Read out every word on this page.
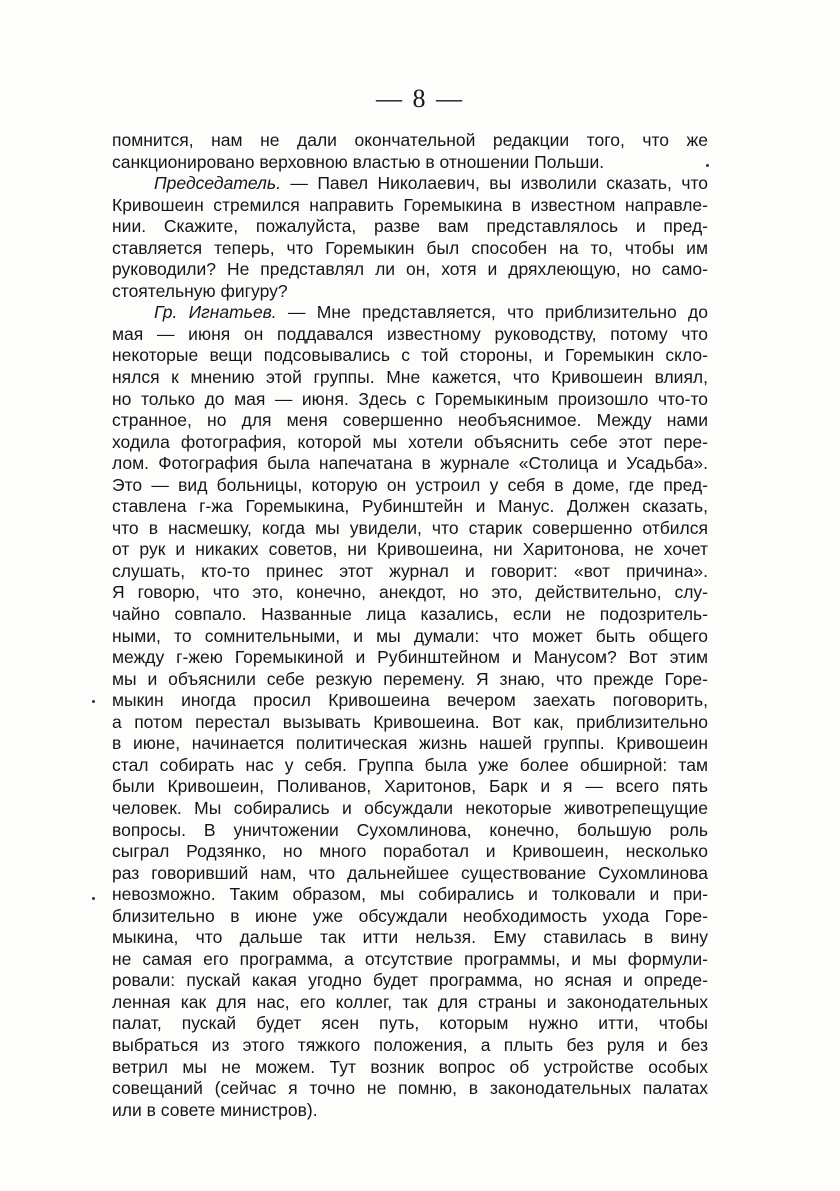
— 8 —
помнится, нам не дали окончательной редакции того, что же
санкционировано верховною властью в отношении Польши.
Председатель. — Павел Николаевич, вы изволили сказать, что
Кривошеин стремился направить Горемыкина в известном направле-
нии. Скажите, пожалуйста, разве вам представлялось и пред-
ставляется теперь, что Горемыкин был способен на то, чтобы им
руководили? Не представлял ли он, хотя и дряхлеющую, но само-
стоятельную фигуру?
Гр. Игнатьев. — Мне представляется, что приблизительно до
мая — июня он поддавался известному руководству, потому что
некоторые вещи подсовывались с той стороны, и Горемыкин скло-
нялся к мнению этой группы. Мне кажется, что Кривошеин влиял,
но только до мая — июня. Здесь с Горемыкиным произошло что-то
странное, но для меня совершенно необъяснимое. Между нами
ходила фотография, которой мы хотели объяснить себе этот пере-
лом. Фотография была напечатана в журнале «Столица и Усадьба».
Это — вид больницы, которую он устроил у себя в доме, где пред-
ставлена г-жа Горемыкина, Рубинштейн и Манус. Должен сказать,
что в насмешку, когда мы увидели, что старик совершенно отбился
от рук и никаких советов, ни Кривошеина, ни Харитонова, не хочет
слушать, кто-то принес этот журнал и говорит: «вот причина».
Я говорю, что это, конечно, анекдот, но это, действительно, слу-
чайно совпало. Названные лица казались, если не подозритель-
ными, то сомнительными, и мы думали: что может быть общего
между г-жею Горемыкиной и Рубинштейном и Манусом? Вот этим
мы и объяснили себе резкую перемену. Я знаю, что прежде Горе-
мыкин иногда просил Кривошеина вечером заехать поговорить,
а потом перестал вызывать Кривошеина. Вот как, приблизительно
в июне, начинается политическая жизнь нашей группы. Кривошеин
стал собирать нас у себя. Группа была уже более обширной: там
были Кривошеин, Поливанов, Харитонов, Барк и я — всего пять
человек. Мы собирались и обсуждали некоторые животрепещущие
вопросы. В уничтожении Сухомлинова, конечно, большую роль
сыграл Родзянко, но много поработал и Кривошеин, несколько
раз говоривший нам, что дальнейшее существование Сухомлинова
невозможно. Таким образом, мы собирались и толковали и при-
близительно в июне уже обсуждали необходимость ухода Горе-
мыкина, что дальше так итти нельзя. Ему ставилась в вину
не самая его программа, а отсутствие программы, и мы формули-
ровали: пускай какая угодно будет программа, но ясная и опреде-
ленная как для нас, его коллег, так для страны и законодательных
палат, пускай будет ясен путь, которым нужно итти, чтобы
выбраться из этого тяжкого положения, а плыть без руля и без
ветрил мы не можем. Тут возник вопрос об устройстве особых
совещаний (сейчас я точно не помню, в законодательных палатах
или в совете министров).
